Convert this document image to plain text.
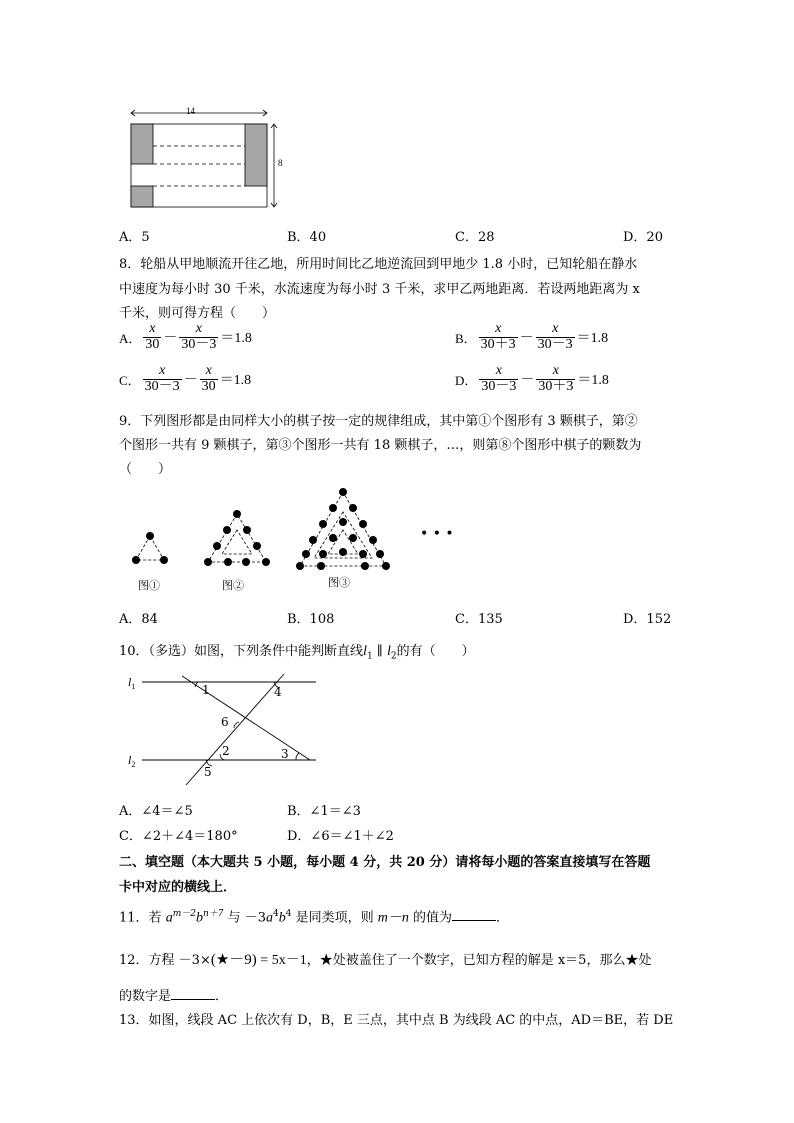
14
8
A．5	B．40	C．28	D．20
8．轮船从甲地顺流开往乙地，所用时间比乙地逆流回到甲地少 1.8 小时，已知轮船在静水
中速度为每小时 30 千米，水流速度为每小时 3 千米，求甲乙两地距离．若设两地距离为 x
千米，则可得方程（　　）
A． $\frac{x}{30} - \frac{x}{30-3} =1.8$	B． $\frac{x}{30+3} - \frac{x}{30-3} =1.8$
C． $\frac{x}{30-3} - \frac{x}{30} =1.8$	D． $\frac{x}{30-3} - \frac{x}{30+3} =1.8$
9．下列图形都是由同样大小的棋子按一定的规律组成，其中第①个图形有 3 颗棋子，第②
个图形一共有 9 颗棋子，第③个图形一共有 18 颗棋子，…，则第⑧个图形中棋子的颗数为
（　　）
图①	图②	图③
• • •
A．84	B．108	C．135	D．152
10．（多选）如图，下列条件中能判断直线$l_1$ ∥ $l_2$的有（　　）
$l_1$
$l_2$
1	4
6
2	3
5
A．∠4＝∠5	B．∠1＝∠3
C．∠2＋∠4＝180°	D．∠6＝∠1＋∠2
二、填空题（本大题共 5 小题，每小题 4 分，共 20 分）请将每小题的答案直接填写在答题
卡中对应的横线上．
11．若 $a^{m-2}b^{n+7}$ 与 $-3a^4b^4$ 是同类项，则 m－n 的值为	．
12．方程 －3×(★－9) = 5x－1，★处被盖住了一个数字，已知方程的解是 x＝5，那么★处
的数字是	．
13．如图，线段 AC 上依次有 D，B，E 三点，其中点 B 为线段 AC 的中点，AD＝BE，若 DE
